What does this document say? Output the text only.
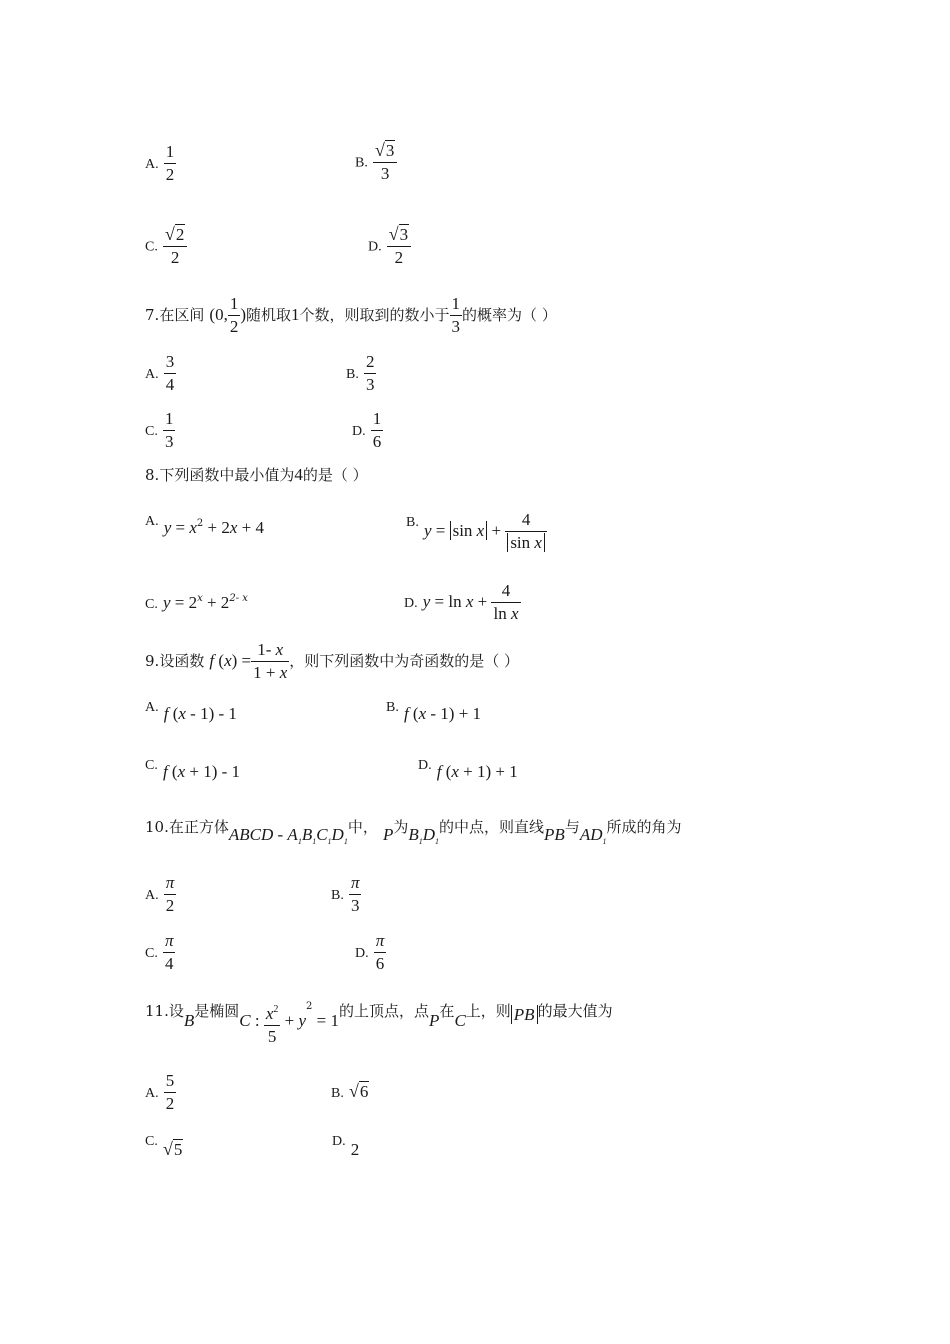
A. $\frac{1}{2}$	B. $\frac{√3}{3}$
C. $\frac{√2}{2}$	D. $\frac{√3}{2}$
7.在区间 (0, $\frac{1}{2}$ )随机取1个数，则取到的数小于 $\frac{1}{3}$ 的概率为（ ）
A. $\frac{3}{4}$	B. $\frac{2}{3}$
C. $\frac{1}{3}$	D. $\frac{1}{6}$
8.下列函数中最小值为4的是（ ）
A. $y = x^2 + 2x + 4$	B. $y = \sin x + \frac{4}{\text{sin x}}$
C. $y = 2^x + 2^{2- x}$	D. $y = \ln x + \frac{4}{\text{ln x}}$
9.设函数 f $(x) = \frac{1- x}{1 + x}$ ，则下列函数中为奇函数的是（ ）
A. f (x - 1) - 1	B. f (x - 1) + 1
C. f (x + 1) - 1	D. f (x + 1) + 1
10.在正方体ABCD - $A_1B_1C_1D_1$中， P为$B_1D_1$的中点，则直线PB与$AD_1$所成的角为
A. $\frac{\pi}{2}$	B. $\frac{\pi}{3}$
C. $\frac{\pi}{4}$	D. $\frac{\pi}{6}$
11.设B是椭圆C : $\frac{x^2}{5} + y^2 = 1$的上顶点，点P在C上，则 PB 的最大值为
A. $\frac{5}{2}$	B. √6
C. √5	D. 2
